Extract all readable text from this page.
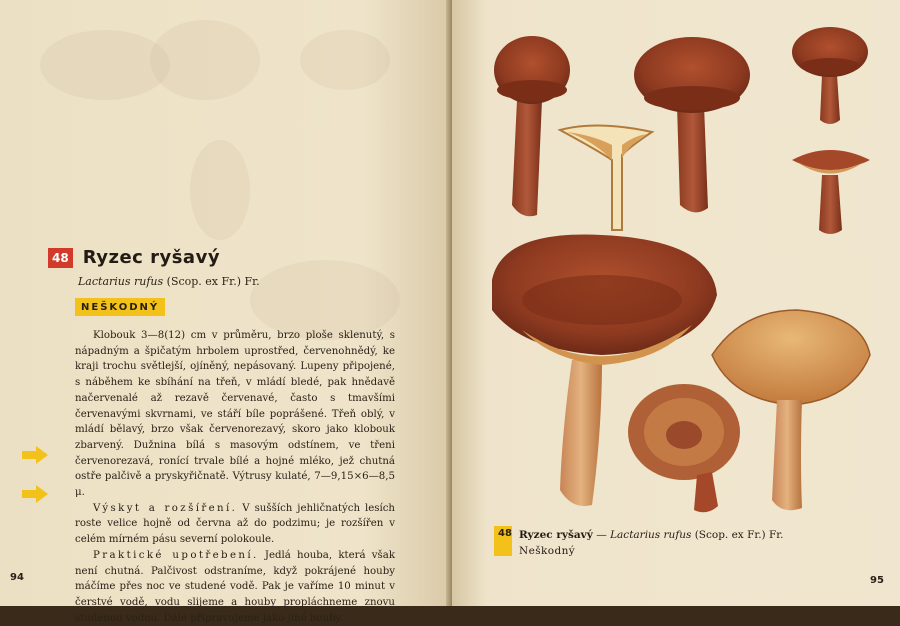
48 Ryzec ryšavý
Lactarius rufus (Scop. ex Fr.) Fr.
NEŠKODNÝ

Klobouk 3—8(12) cm v průměru, brzo ploše sklenutý, s nápadným a špičatým hrbolem uprostřed, červenohnědý, ke kraji trochu světlejší, ojíněný, nepásovaný. Lupeny připojené, s náběhem ke sbíhání na třeň, v mládí bledé, pak hnědavě načervenalé až rezavě červenavé, často s tmavšími červenavými skvrnami, ve stáří bíle poprášené. Třeň oblý, v mládí bělavý, brzo však červenorezavý, skoro jako klobouk zbarvený. Dužnina bílá s masovým odstínem, ve třeni červenorezavá, ronící trvale bílé a hojné mléko, jež chutná ostře palčivě a pryskyřičnatě. Výtrusy kulaté, 7—9,15×6—8,5 μ.

Výskyt a rozšíření. V sušších jehličnatých lesích roste velice hojně od června až do podzimu; je rozšířen v celém mírném pásu severní polokoule.

Praktické upotřebení. Jedlá houba, která však není chutná. Palčivost odstraníme, když pokrájené houby máčíme přes noc ve studené vodě. Pak je vaříme 10 minut v čerstvé vodě, vodu slijeme a houby propláchneme znovu studenou vodou. Dále připravujeme jako jiné houby.

94	95
48 Ryzec ryšavý — Lactarius rufus (Scop. ex Fr.) Fr.
Neškodný
